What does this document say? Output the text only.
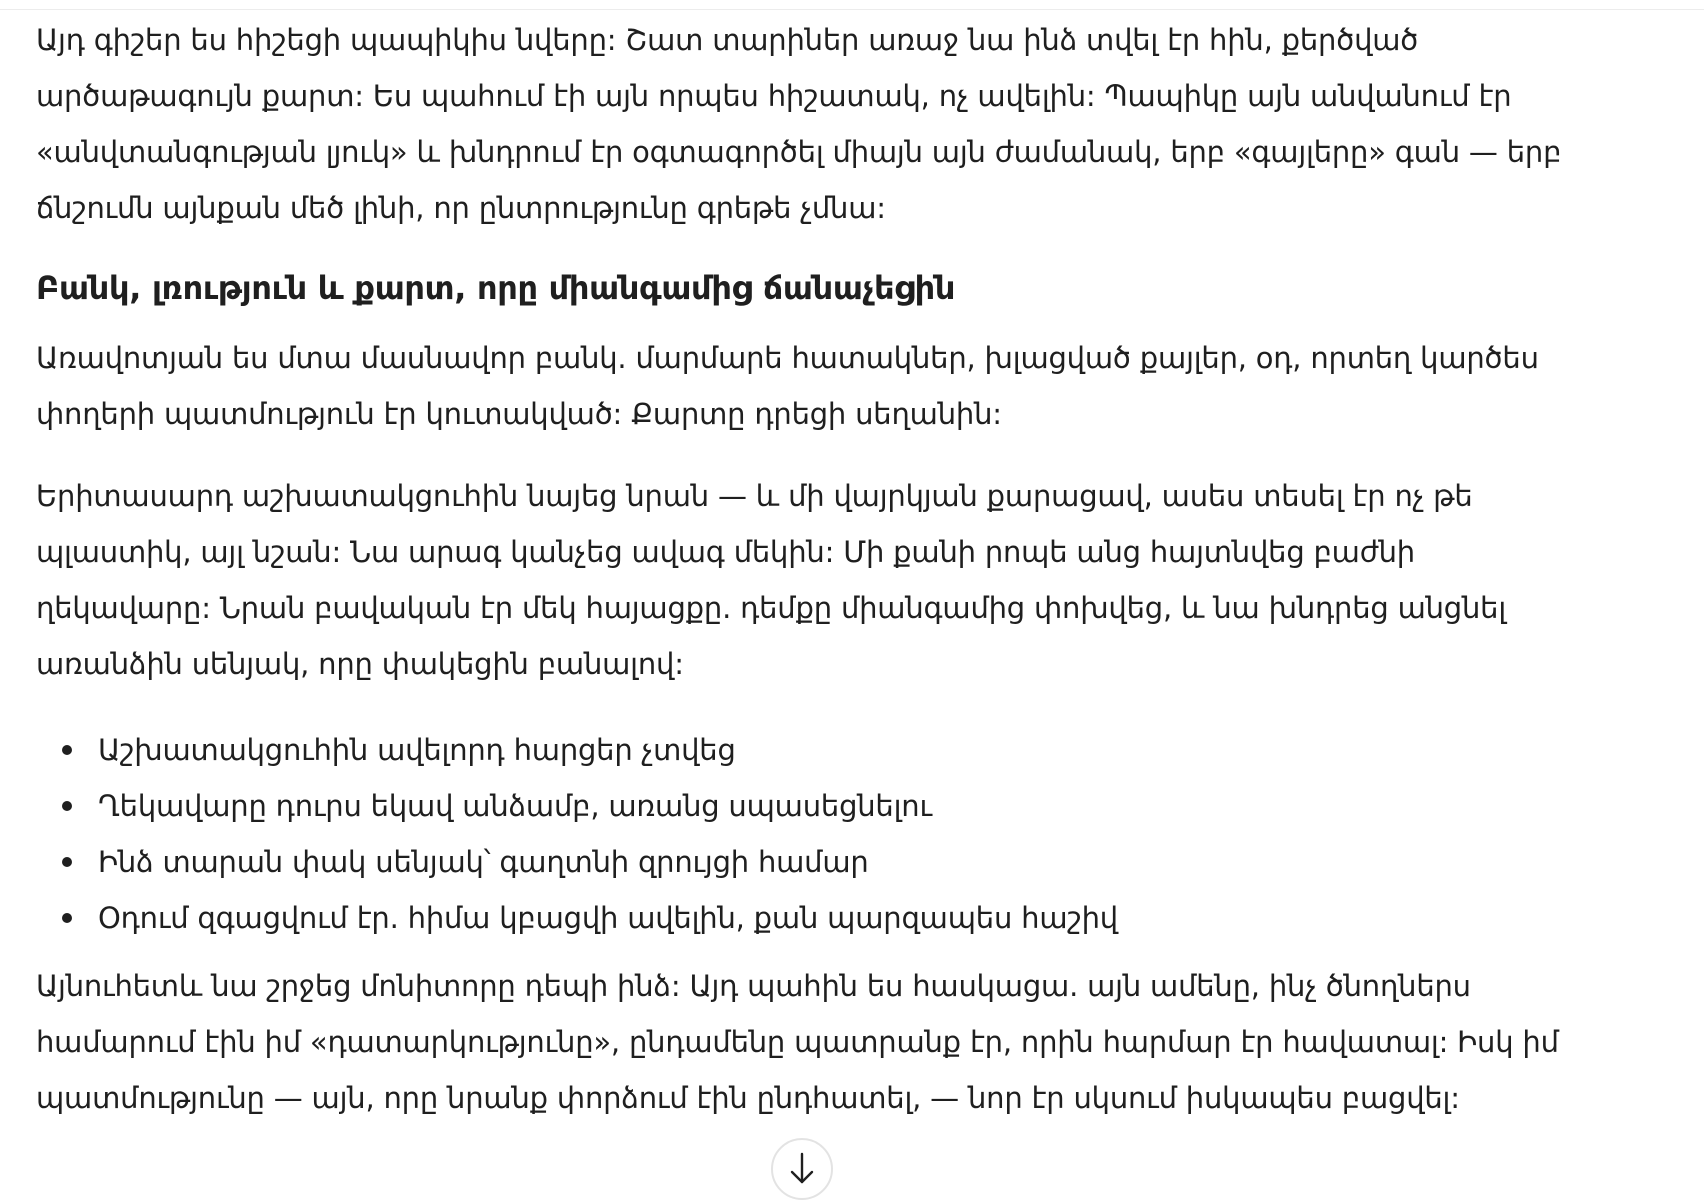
Այդ գիշեր ես հիշեցի պապիկիս նվերը: Շատ տարիներ առաջ նա ինձ տվել էր հին, քերծված արծաթագույն քարտ: Ես պահում էի այն որպես հիշատակ, ոչ ավելին: Պապիկը այն անվանում էր «անվտանգության լյուկ» և խնդրում էր օգտագործել միայն այն ժամանակ, երբ «գայլերը» գան — երբ ճնշումն այնքան մեծ լինի, որ ընտրությունը գրեթե չմնա:

Բանկ, լռություն և քարտ, որը միանգամից ճանաչեցին

Առավոտյան ես մտա մասնավոր բանկ. մարմարե հատակներ, խլացված քայլեր, օդ, որտեղ կարծես փողերի պատմություն էր կուտակված: Քարտը դրեցի սեղանին:

Երիտասարդ աշխատակցուհին նայեց նրան — և մի վայրկյան քարացավ, ասես տեսել էր ոչ թե պլաստիկ, այլ նշան: Նա արագ կանչեց ավագ մեկին: Մի քանի րոպե անց հայտնվեց բաժնի ղեկավարը: Նրան բավական էր մեկ հայացքը. դեմքը միանգամից փոխվեց, և նա խնդրեց անցնել առանձին սենյակ, որը փակեցին բանալով:

Աշխատակցուհին ավելորդ հարցեր չտվեց
Ղեկավարը դուրս եկավ անձամբ, առանց սպասեցնելու
Ինձ տարան փակ սենյակ՝ գաղտնի զրույցի համար
Օդում զգացվում էր. հիմա կբացվի ավելին, քան պարզապես հաշիվ

Այնուհետև նա շրջեց մոնիտորը դեպի ինձ: Այդ պահին ես հասկացա. այն ամենը, ինչ ծնողներս համարում էին իմ «դատարկությունը», ընդամենը պատրանք էր, որին հարմար էր հավատալ: Իսկ իմ պատմությունը — այն, որը նրանք փորձում էին ընդհատել, — նոր էր սկսում իսկապես բացվել:
